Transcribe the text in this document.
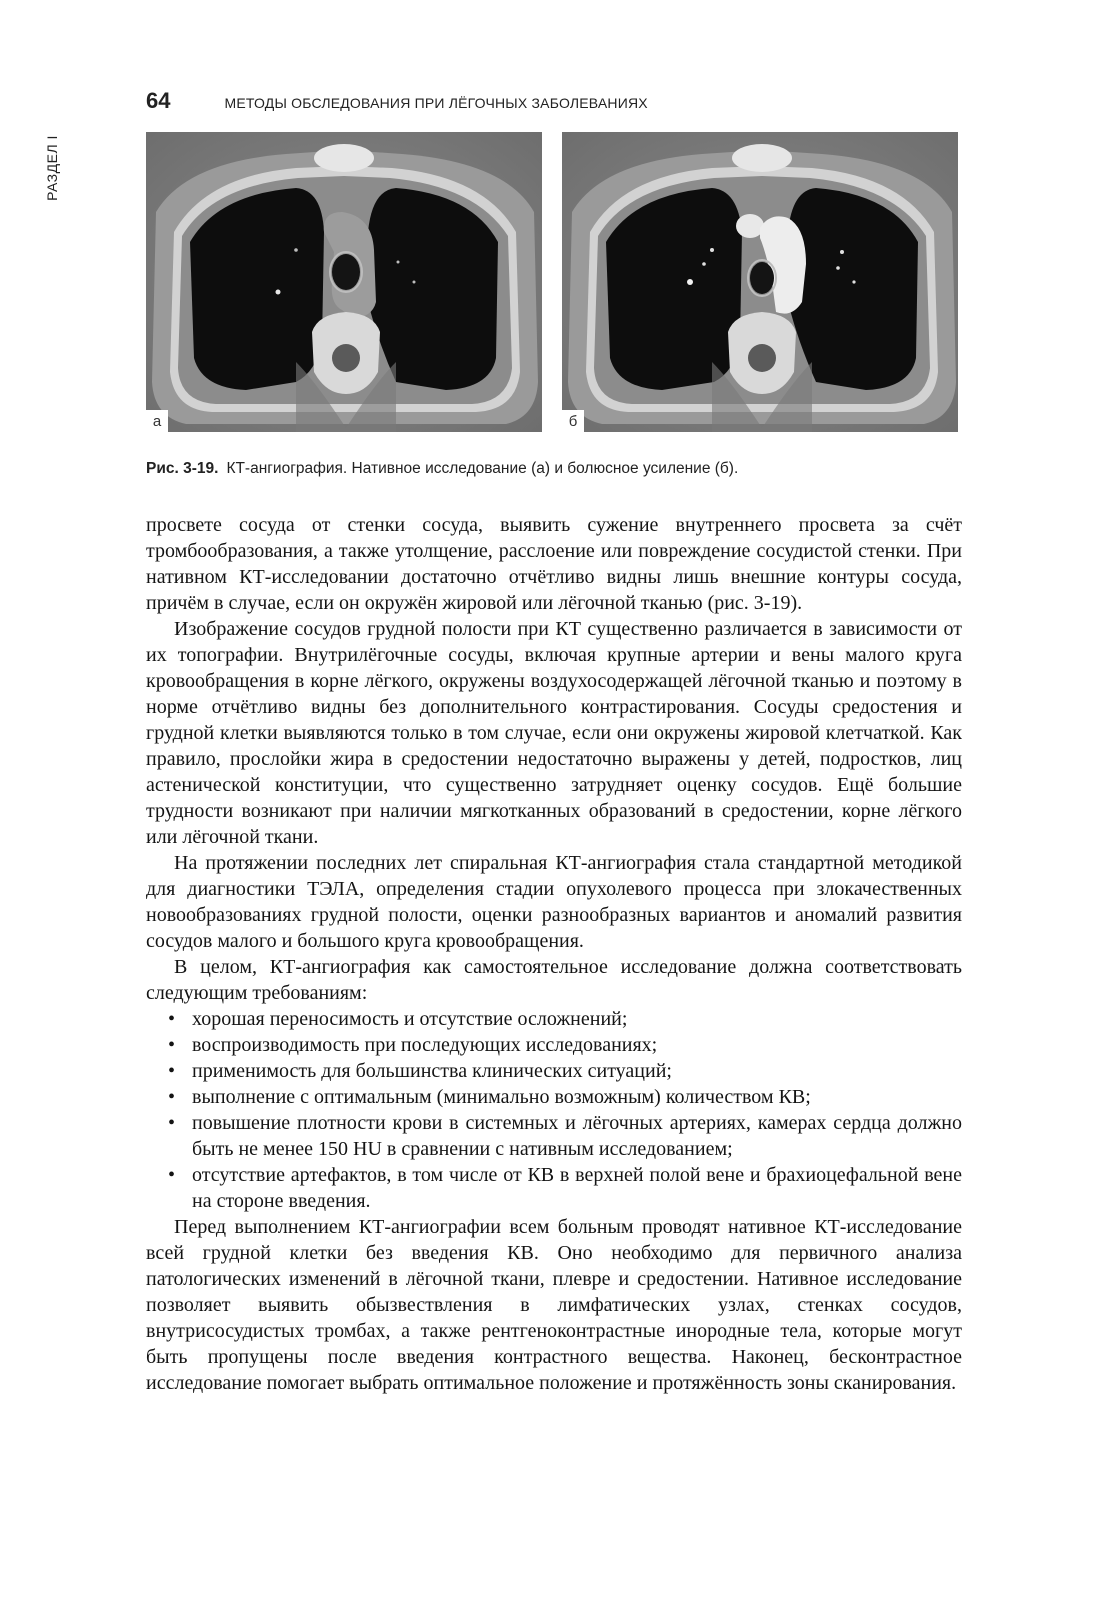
РАЗДЕЛ I
64	МЕТОДЫ ОБСЛЕДОВАНИЯ ПРИ ЛЁГОЧНЫХ ЗАБОЛЕВАНИЯХ
а	б
Рис. 3-19. КТ-ангиография. Нативное исследование (а) и болюсное усиление (б).

просвете сосуда от стенки сосуда, выявить сужение внутреннего просвета за счёт тромбообразования, а также утолщение, расслоение или повреждение сосудистой стенки. При нативном КТ-исследовании достаточно отчётливо видны лишь внешние контуры сосуда, причём в случае, если он окружён жировой или лёгочной тканью (рис. 3-19).

Изображение сосудов грудной полости при КТ существенно различается в зависимости от их топографии. Внутрилёгочные сосуды, включая крупные артерии и вены малого круга кровообращения в корне лёгкого, окружены воздухосодержащей лёгочной тканью и поэтому в норме отчётливо видны без дополнительного контрастирования. Сосуды средостения и грудной клетки выявляются только в том случае, если они окружены жировой клетчаткой. Как правило, прослойки жира в средостении недостаточно выражены у детей, подростков, лиц астенической конституции, что существенно затрудняет оценку сосудов. Ещё большие трудности возникают при наличии мягкотканных образований в средостении, корне лёгкого или лёгочной ткани.

На протяжении последних лет спиральная КТ-ангиография стала стандартной методикой для диагностики ТЭЛА, определения стадии опухолевого процесса при злокачественных новообразованиях грудной полости, оценки разнообразных вариантов и аномалий развития сосудов малого и большого круга кровообращения.

В целом, КТ-ангиография как самостоятельное исследование должна соответствовать следующим требованиям:

• хорошая переносимость и отсутствие осложнений;
• воспроизводимость при последующих исследованиях;
• применимость для большинства клинических ситуаций;
• выполнение с оптимальным (минимально возможным) количеством КВ;
• повышение плотности крови в системных и лёгочных артериях, камерах сердца должно быть не менее 150 HU в сравнении с нативным исследованием;
• отсутствие артефактов, в том числе от КВ в верхней полой вене и брахиоцефальной вене на стороне введения.

Перед выполнением КТ-ангиографии всем больным проводят нативное КТ-исследование всей грудной клетки без введения КВ. Оно необходимо для первичного анализа патологических изменений в лёгочной ткани, плевре и средостении. Нативное исследование позволяет выявить обызвествления в лимфатических узлах, стенках сосудов, внутрисосудистых тромбах, а также рентгеноконтрастные инородные тела, которые могут быть пропущены после введения контрастного вещества. Наконец, бесконтрастное исследование помогает выбрать оптимальное положение и протяжённость зоны сканирования.
